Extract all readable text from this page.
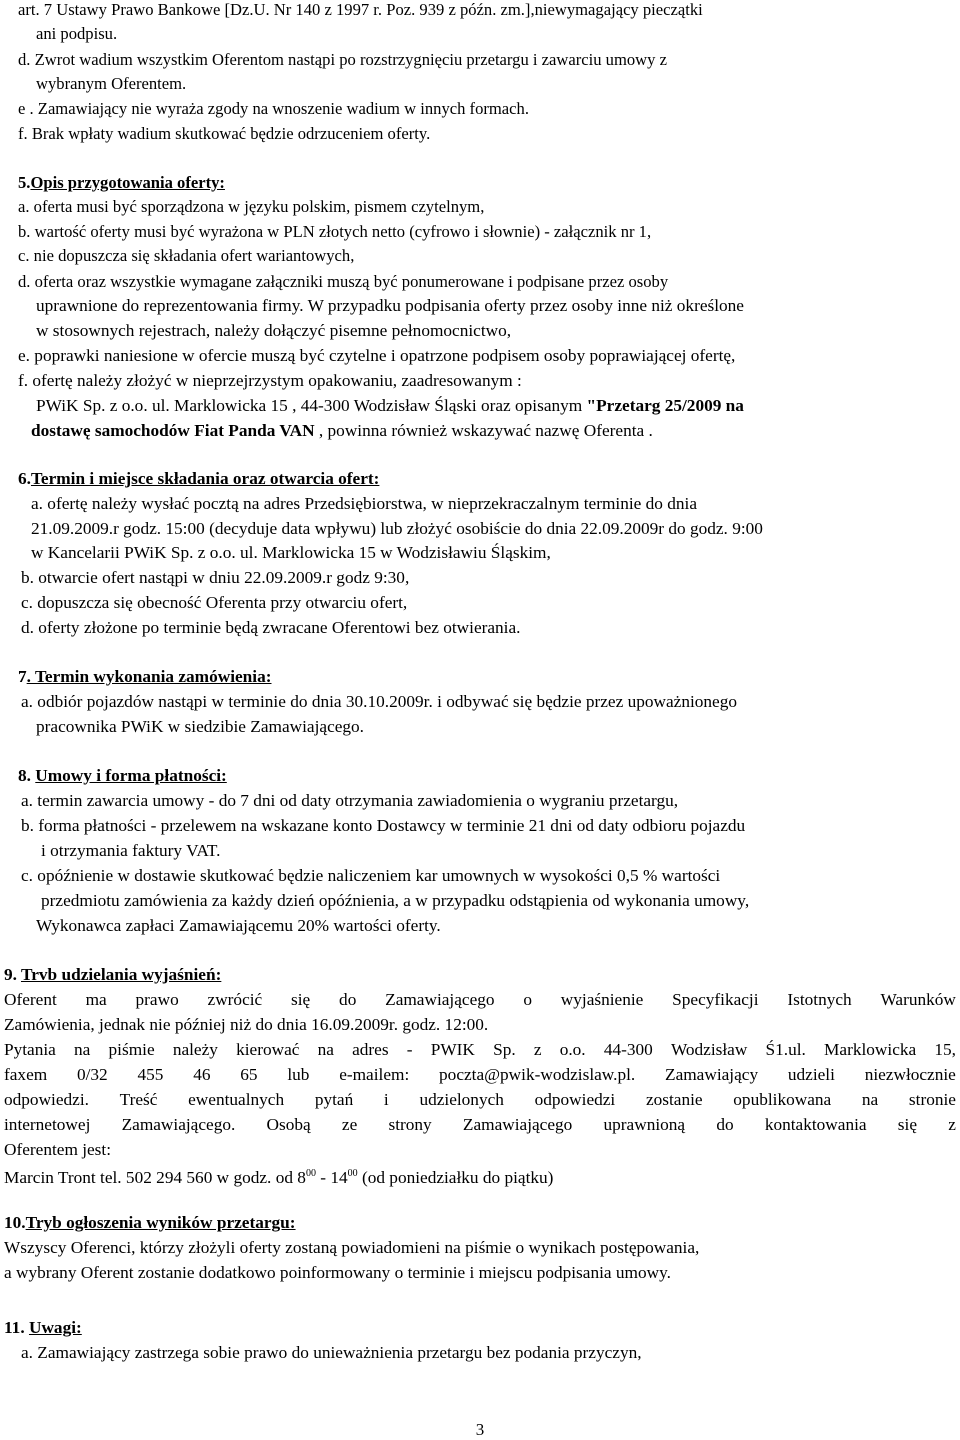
art. 7 Ustawy Prawo Bankowe [Dz.U. Nr 140 z 1997 r. Poz. 939 z późn. zm.],niewymagający pieczątki
ani podpisu.
d. Zwrot wadium wszystkim Oferentom nastąpi po rozstrzygnięciu przetargu i zawarciu umowy z
wybranym Oferentem.
e . Zamawiający nie wyraża zgody na wnoszenie wadium w innych formach.
f. Brak wpłaty wadium skutkować będzie odrzuceniem oferty.
5.Opis przygotowania oferty:
a. oferta musi być sporządzona w języku polskim, pismem czytelnym,
b. wartość oferty musi być wyrażona w PLN złotych netto (cyfrowo i słownie) - załącznik nr 1,
c. nie dopuszcza się składania ofert wariantowych,
d. oferta oraz wszystkie wymagane załączniki muszą być ponumerowane i podpisane przez osoby
uprawnione do reprezentowania firmy. W przypadku podpisania oferty przez osoby inne niż określone
w stosownych rejestrach, należy dołączyć pisemne pełnomocnictwo,
e. poprawki naniesione w ofercie muszą być czytelne i opatrzone podpisem osoby poprawiającej ofertę,
f. ofertę należy złożyć w nieprzejrzystym opakowaniu, zaadresowanym :
PWiK Sp. z o.o. ul. Marklowicka 15 , 44-300 Wodzisław Śląski oraz opisanym "Przetarg 25/2009 na
dostawę samochodów Fiat Panda VAN , powinna również wskazywać nazwę Oferenta .
6.Termin i miejsce składania oraz otwarcia ofert:
a. ofertę należy wysłać pocztą na adres Przedsiębiorstwa, w nieprzekraczalnym terminie do dnia
21.09.2009.r godz. 15:00 (decyduje data wpływu) lub złożyć osobiście do dnia 22.09.2009r do godz. 9:00
w Kancelarii PWiK Sp. z o.o. ul. Marklowicka 15 w Wodzisławiu Śląskim,
b. otwarcie ofert nastąpi w dniu 22.09.2009.r godz 9:30,
c. dopuszcza się obecność Oferenta przy otwarciu ofert,
d. oferty złożone po terminie będą zwracane Oferentowi bez otwierania.
7. Termin wykonania zamówienia:
a. odbiór pojazdów nastąpi w terminie do dnia 30.10.2009r. i odbywać się będzie przez upoważnionego
pracownika PWiK w siedzibie Zamawiającego.
8. Umowy i forma płatności:
a. termin zawarcia umowy - do 7 dni od daty otrzymania zawiadomienia o wygraniu przetargu,
b. forma płatności - przelewem na wskazane konto Dostawcy w terminie 21 dni od daty odbioru pojazdu
i otrzymania faktury VAT.
c. opóźnienie w dostawie skutkować będzie naliczeniem kar umownych w wysokości 0,5 % wartości
przedmiotu zamówienia za każdy dzień opóźnienia, a w przypadku odstąpienia od wykonania umowy,
Wykonawca zapłaci Zamawiającemu 20% wartości oferty.
9. Trvb udzielania wyjaśnień:
Oferent ma prawo zwrócić się do Zamawiającego o wyjaśnienie Specyfikacji Istotnych Warunków
Zamówienia, jednak nie później niż do dnia 16.09.2009r. godz. 12:00.
Pytania na piśmie należy kierować na adres - PWIK Sp. z o.o. 44-300 Wodzisław Ś1.ul. Marklowicka 15,
faxem 0/32 455 46 65 lub e-mailem: poczta@pwik-wodzislaw.pl. Zamawiający udzieli niezwłocznie
odpowiedzi. Treść ewentualnych pytań i udzielonych odpowiedzi zostanie opublikowana na stronie
internetowej Zamawiającego. Osobą ze strony Zamawiającego uprawnioną do kontaktowania się z
Oferentem jest:
Marcin Tront tel. 502 294 560 w godz. od $8^{00} - 14^{00}$ (od poniedziałku do piątku)
10.Tryb ogłoszenia wyników przetargu:
Wszyscy Oferenci, którzy złożyli oferty zostaną powiadomieni na piśmie o wynikach postępowania,
a wybrany Oferent zostanie dodatkowo poinformowany o terminie i miejscu podpisania umowy.
11. Uwagi:
a. Zamawiający zastrzega sobie prawo do unieważnienia przetargu bez podania przyczyn,
3
